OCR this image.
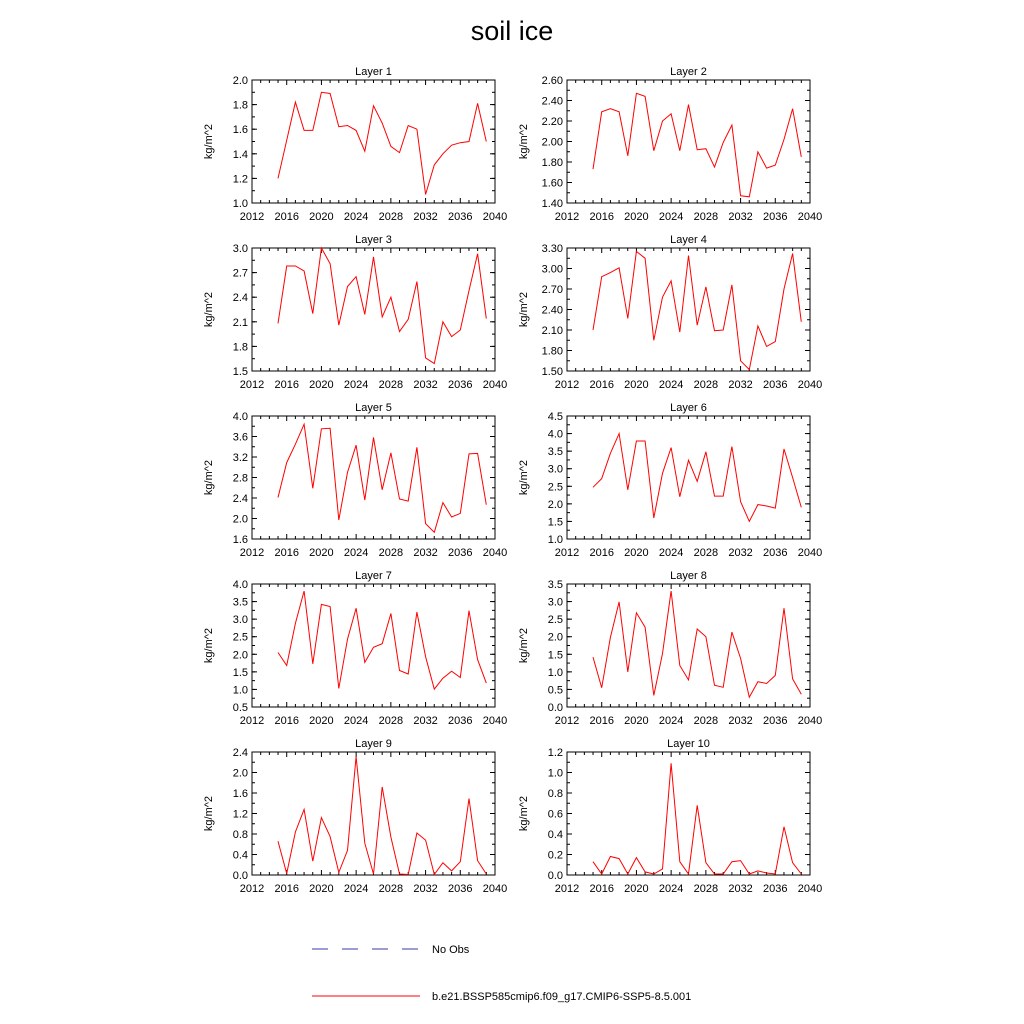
soil ice
Layer 1
kg/m^2
2012 2016 2020 2024 2028 2032 2036 2040
1.0
1.2
1.4
1.6
1.8
2.0
Layer 2
kg/m^2
2012 2016 2020 2024 2028 2032 2036 2040
1.40
1.60
1.80
2.00
2.20
2.40
2.60
Layer 3
kg/m^2
2012 2016 2020 2024 2028 2032 2036 2040
1.5
1.8
2.1
2.4
2.7
3.0
Layer 4
kg/m^2
2012 2016 2020 2024 2028 2032 2036 2040
1.50
1.80
2.10
2.40
2.70
3.00
3.30
Layer 5
kg/m^2
2012 2016 2020 2024 2028 2032 2036 2040
1.6
2.0
2.4
2.8
3.2
3.6
4.0
Layer 6
kg/m^2
2012 2016 2020 2024 2028 2032 2036 2040
1.0
1.5
2.0
2.5
3.0
3.5
4.0
4.5
Layer 7
kg/m^2
2012 2016 2020 2024 2028 2032 2036 2040
0.5
1.0
1.5
2.0
2.5
3.0
3.5
4.0
Layer 8
kg/m^2
2012 2016 2020 2024 2028 2032 2036 2040
0.0
0.5
1.0
1.5
2.0
2.5
3.0
3.5
Layer 9
kg/m^2
2012 2016 2020 2024 2028 2032 2036 2040
0.0
0.4
0.8
1.2
1.6
2.0
2.4
Layer 10
kg/m^2
2012 2016 2020 2024 2028 2032 2036 2040
0.0
0.2
0.4
0.6
0.8
1.0
1.2
No Obs
b.e21.BSSP585cmip6.f09_g17.CMIP6-SSP5-8.5.001
